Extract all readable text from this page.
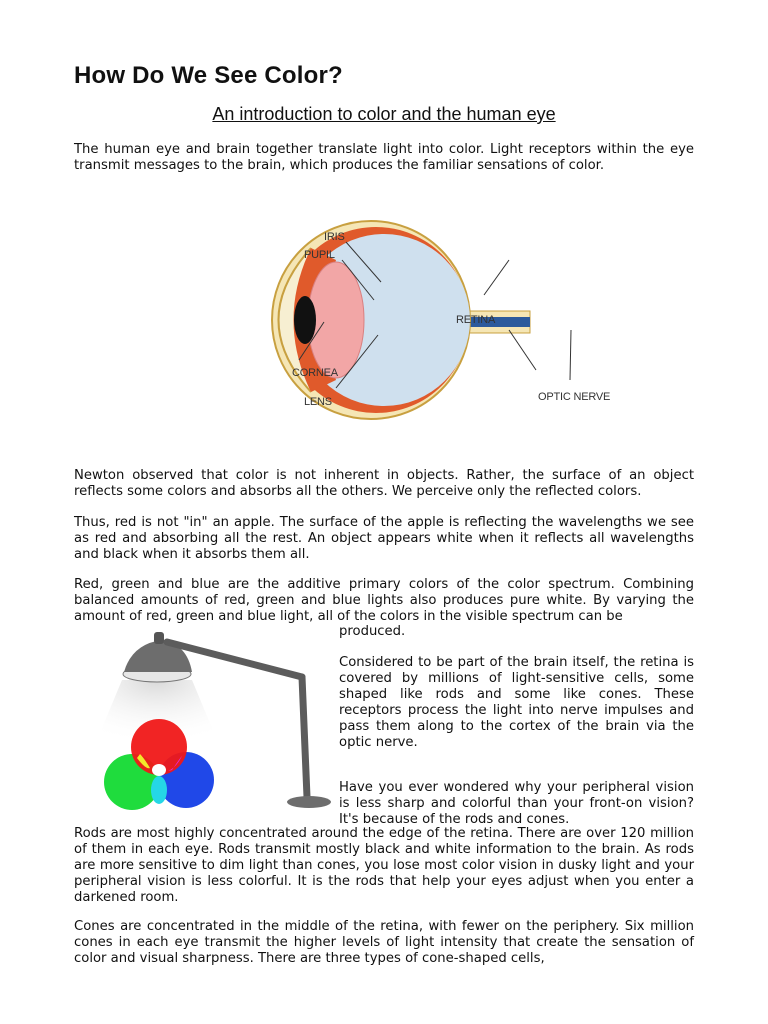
How Do We See Color?
An introduction to color and the human eye

The human eye and brain together translate light into color. Light receptors within the eye transmit messages to the brain, which produces the familiar sensations of color.

IRIS
PUPIL
CORNEA
LENS
RETINA
OPTIC NERVE

Newton observed that color is not inherent in objects. Rather, the surface of an object reflects some colors and absorbs all the others. We perceive only the reflected colors.

Thus, red is not "in" an apple. The surface of the apple is reflecting the wavelengths we see as red and absorbing all the rest. An object appears white when it reflects all wavelengths and black when it absorbs them all.

Red, green and blue are the additive primary colors of the color spectrum. Combining balanced amounts of red, green and blue lights also produces pure white. By varying the amount of red, green and blue light, all of the colors in the visible spectrum can be

produced.

Considered to be part of the brain itself, the retina is covered by millions of light-sensitive cells, some shaped like rods and some like cones. These receptors process the light into nerve impulses and pass them along to the cortex of the brain via the optic nerve.

Have you ever wondered why your peripheral vision is less sharp and colorful than your front-on vision? It's because of the rods and cones.

Rods are most highly concentrated around the edge of the retina. There are over 120 million of them in each eye. Rods transmit mostly black and white information to the brain. As rods are more sensitive to dim light than cones, you lose most color vision in dusky light and your peripheral vision is less colorful. It is the rods that help your eyes adjust when you enter a darkened room.

Cones are concentrated in the middle of the retina, with fewer on the periphery. Six million cones in each eye transmit the higher levels of light intensity that create the sensation of color and visual sharpness. There are three types of cone-shaped cells,
